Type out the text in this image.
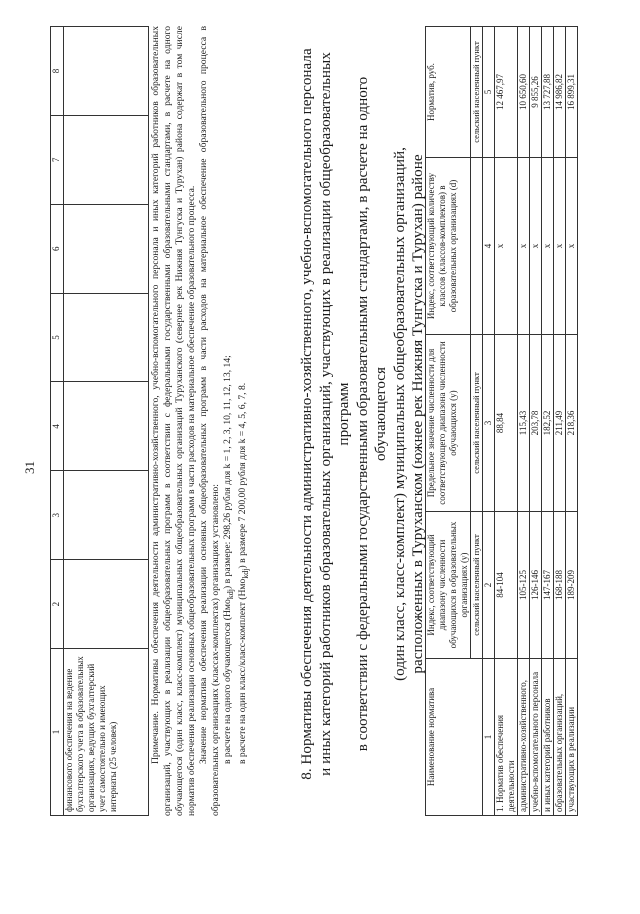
31
1	2	3	4	5	6	7	8
финансового обеспечения на ведение бухгалтерского учета в образовательных организациях, ведущих бухгалтерский учет самостоятельно и имеющих интернаты (25 человек)							

Примечание. Нормативы обеспечения деятельности административно-хозяйственного, учебно-вспомогательного персонала и иных категорий работников образовательных организаций, участвующих в реализации общеобразовательных программ в соответствии с федеральными государственными образовательными стандартами, в расчете на одного обучающегося (один класс, класс-комплект) муниципальных общеобразовательных организаций Туруханского (севернее рек Нижняя Тунгуска и Турухан) района содержат в том числе норматив обеспечения реализации основных общеобразовательных программ в части расходов на материальное обеспечение образовательного процесса. Значение норматива обеспечения реализации основных общеобразовательных программ в части расходов на материальное обеспечение образовательного процесса в образовательных организациях (классах-комплектах) организациях установлено: в расчете на одного обучающегося (Нмо$_{kdj}$) в размере: 298,26 рубля для k = 1, 2, 3, 10, 11, 12, 13, 14;

в расчете на один класс/класс-комплект (Нмо$_{kdj}$) в размере 7 200,00 рубля для k = 4, 5, 6, 7, 8.	8. Нормативы обеспечения деятельности административно-хозяйственного, учебно-вспомогательного персонала и иных категорий работников образовательных организаций, участвующих в реализации общеобразовательных программ в соответствии с федеральными государственными образовательными стандартами, в расчете на одного обучающегося (один класс, класс-комплект) муниципальных общеобразовательных организаций, расположенных в Туруханском (южнее рек Нижняя Тунгуска и Турухан) районе
Наименование норматива	Индекс, соответствующий диапазону численности обучающихся в образовательных организациях (y)	Предельное значение численности для соответствующего диапазона численности обучающихся (y)	Индекс, соответствующий количеству классов (классов-комплектов) в образовательных организациях (d)	Норматив, руб.
	сельский населенный пункт	сельский населенный пункт		сельский населенный пункт
1	2	3	4	5
1. Норматив обеспечения деятельности	84-104	88,84	x	12 467,97
административно-хозяйственного,	105-125	115,43	x	10 650,60
учебно-вспомогательного персонала	126-146	203,78	x	9 855,26
и иных категорий работников	147-167	182,52	x	13 727,88
образовательных организаций,	168-188	211,49	x	14 986,82
участвующих в реализации	189-209	218,36	x	16 899,31
